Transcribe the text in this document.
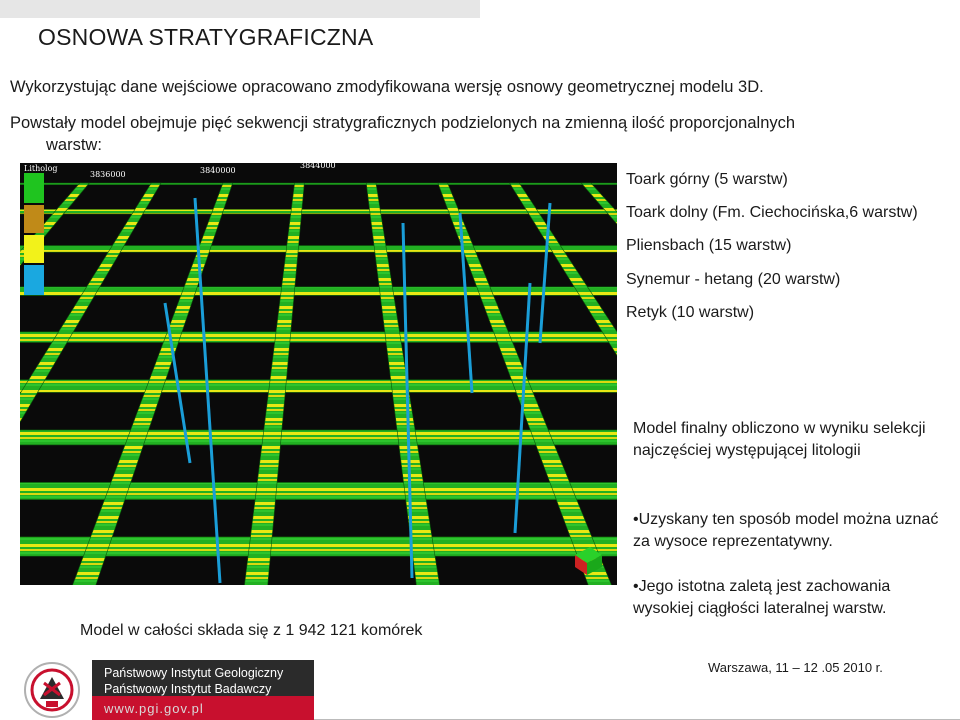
OSNOWA STRATYGRAFICZNA
Wykorzystując dane wejściowe opracowano zmodyfikowana wersję osnowy geometrycznej modelu 3D.
Powstały model obejmuje pięć sekwencji stratygraficznych podzielonych na zmienną ilość proporcjonalnych
warstw:
Litholog
3836000	3840000
3844000
Toark górny (5 warstw)
Toark dolny (Fm. Ciechocińska,6 warstw)
Pliensbach (15 warstw)
Synemur - hetang (20 warstw)
Retyk (10 warstw)
Model finalny obliczono w wyniku selekcji najczęściej występującej litologii
•Uzyskany ten sposób model można uznać za wysoce reprezentatywny.
•Jego istotna zaletą jest zachowania wysokiej ciągłości lateralnej warstw.
Model w całości składa się z 1 942 121 komórek
Państwowy Instytut Geologiczny
Państwowy Instytut Badawczy
www.pgi.gov.pl
Warszawa, 11 – 12 .05 2010 r.
